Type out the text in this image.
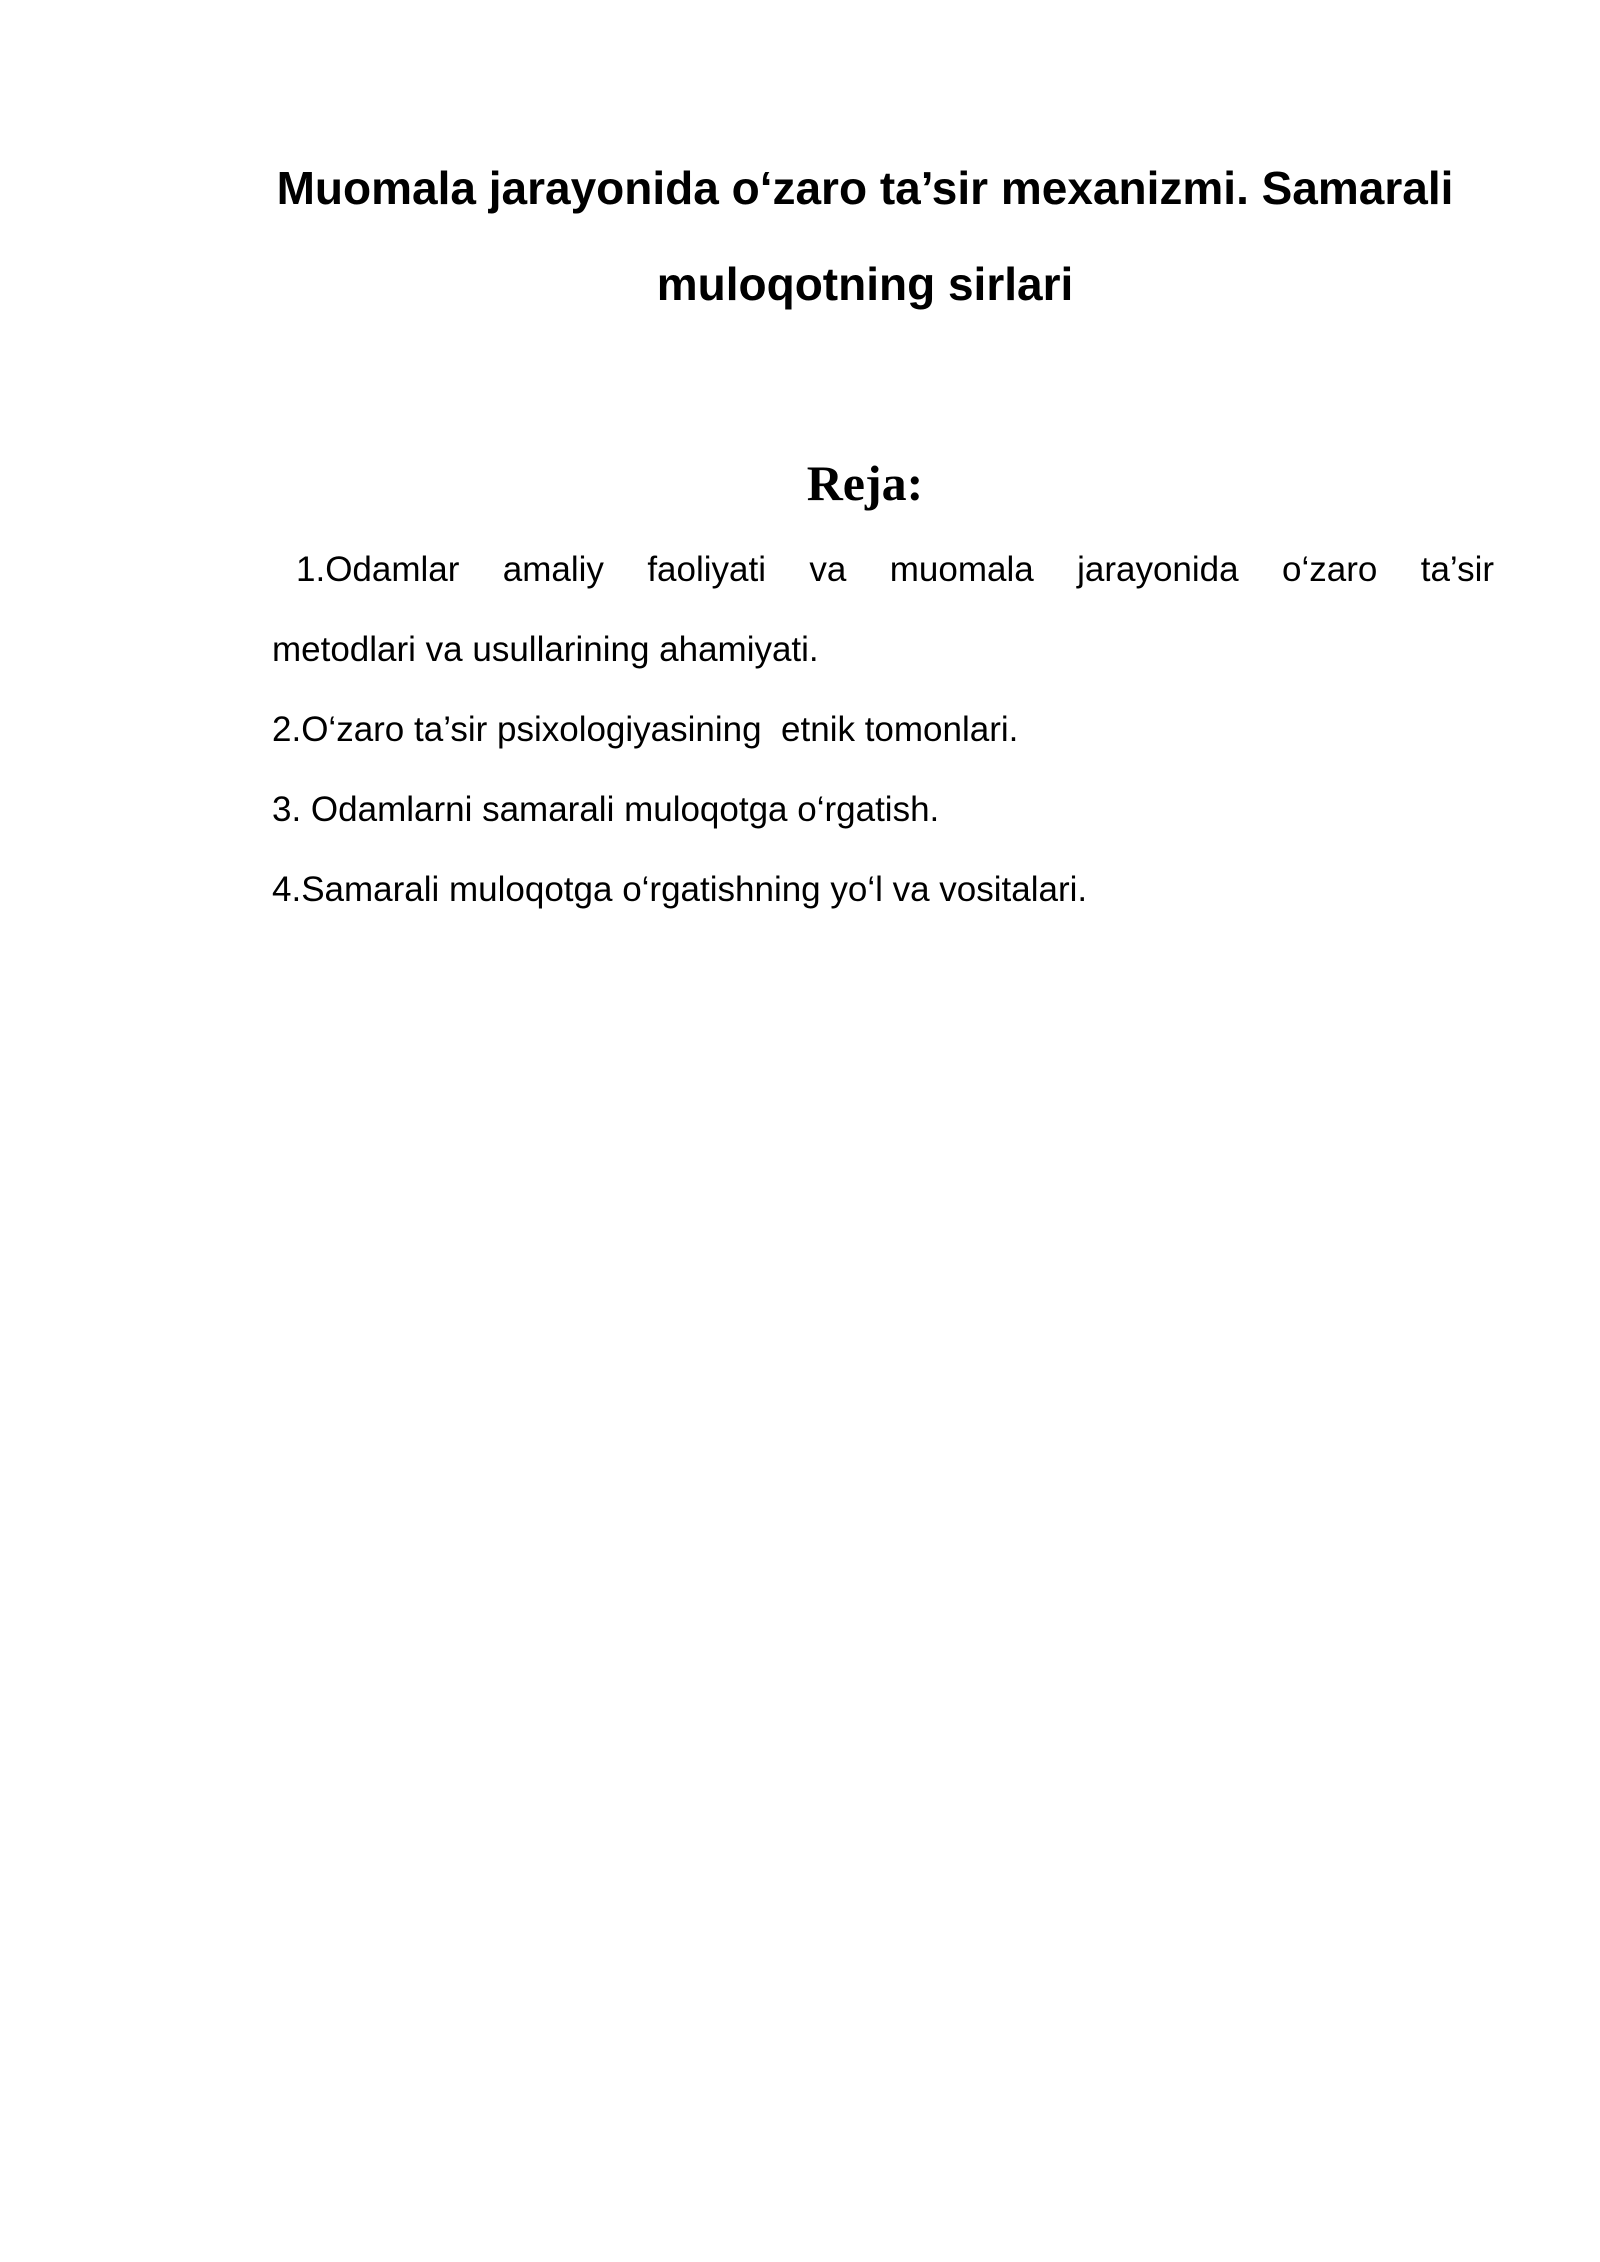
Muomala jarayonida o‘zaro ta’sir mexanizmi. Samarali
muloqotning sirlari
Reja:
1.Odamlar amaliy faoliyati va muomala jarayonida o‘zaro ta’sir
metodlari va usullarining ahamiyati.
2.O‘zaro ta’sir psixologiyasining  etnik tomonlari.
3. Odamlarni samarali muloqotga o‘rgatish.
4.Samarali muloqotga o‘rgatishning yo‘l va vositalari.
